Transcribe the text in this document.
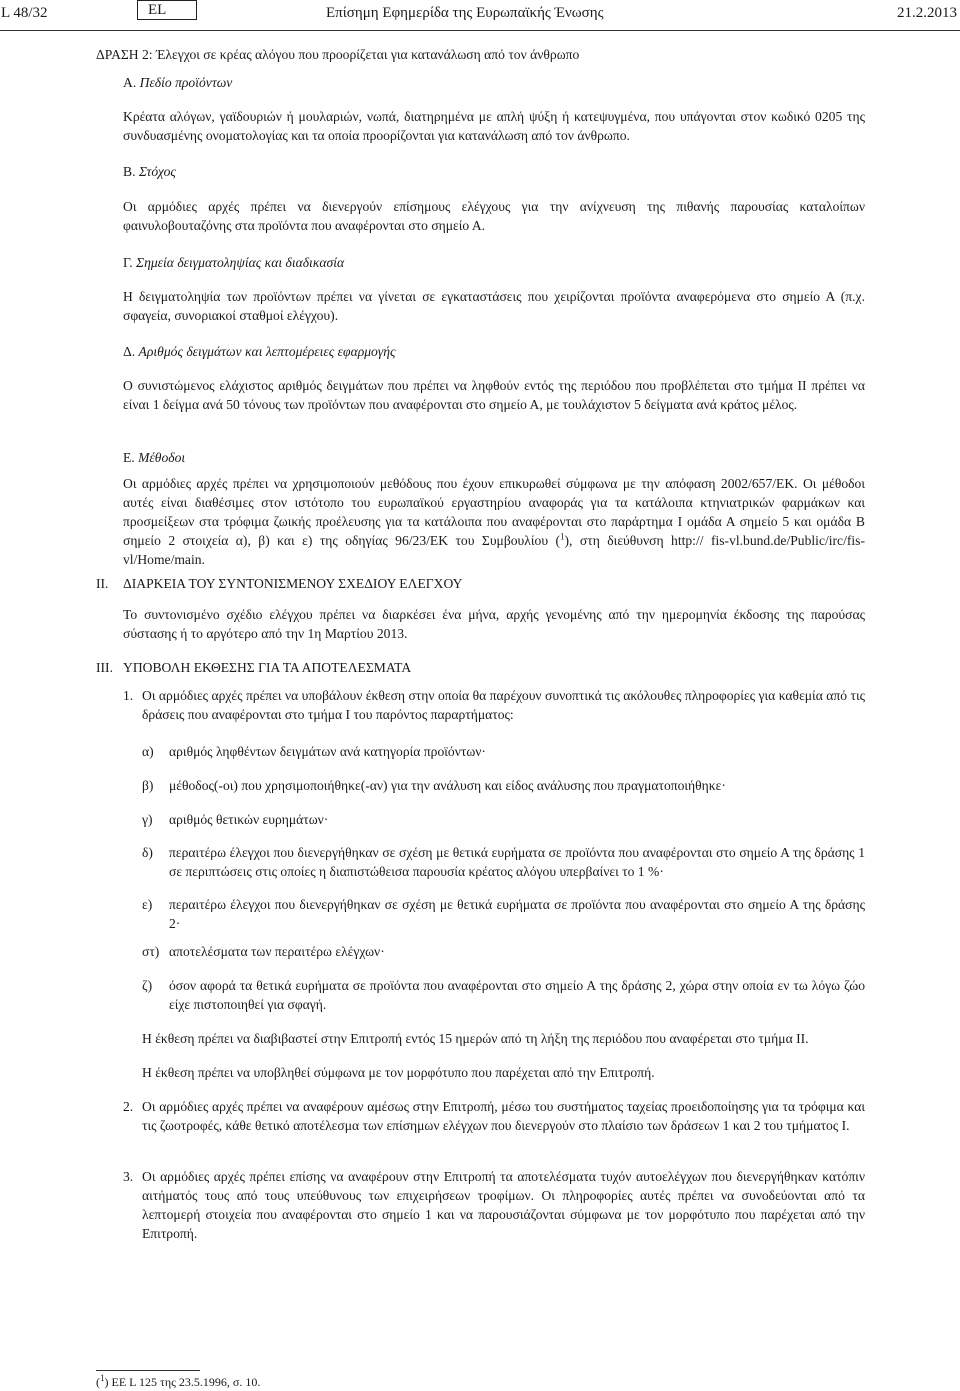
L 48/32	EL	Επίσημη Εφημερίδα της Ευρωπαϊκής Ένωσης	21.2.2013

ΔΡΑΣΗ 2: Έλεγχοι σε κρέας αλόγου που προορίζεται για κατανάλωση από τον άνθρωπο

Α. Πεδίο προϊόντων

Κρέατα αλόγων, γαϊδουριών ή μουλαριών, νωπά, διατηρημένα με απλή ψύξη ή κατεψυγμένα, που υπάγονται στον κωδικό 0205 της συνδυασμένης ονοματολογίας και τα οποία προορίζονται για κατανάλωση από τον άνθρωπο.

Β. Στόχος

Οι αρμόδιες αρχές πρέπει να διενεργούν επίσημους ελέγχους για την ανίχνευση της πιθανής παρουσίας καταλοίπων φαινυλοβουταζόνης στα προϊόντα που αναφέρονται στο σημείο Α.

Γ. Σημεία δειγματοληψίας και διαδικασία

Η δειγματοληψία των προϊόντων πρέπει να γίνεται σε εγκαταστάσεις που χειρίζονται προϊόντα αναφερόμενα στο σημείο Α (π.χ. σφαγεία, συνοριακοί σταθμοί ελέγχου).

Δ. Αριθμός δειγμάτων και λεπτομέρειες εφαρμογής

Ο συνιστώμενος ελάχιστος αριθμός δειγμάτων που πρέπει να ληφθούν εντός της περιόδου που προβλέπεται στο τμήμα ΙΙ πρέπει να είναι 1 δείγμα ανά 50 τόνους των προϊόντων που αναφέρονται στο σημείο Α, με τουλάχιστον 5 δείγματα ανά κράτος μέλος.

Ε. Μέθοδοι

Οι αρμόδιες αρχές πρέπει να χρησιμοποιούν μεθόδους που έχουν επικυρωθεί σύμφωνα με την απόφαση 2002/657/ΕΚ. Οι μέθοδοι αυτές είναι διαθέσιμες στον ιστότοπο του ευρωπαϊκού εργαστηρίου αναφοράς για τα κατάλοιπα κτηνιατρικών φαρμάκων και προσμείξεων στα τρόφιμα ζωικής προέλευσης για τα κατάλοιπα που αναφέρονται στο παράρτημα Ι ομάδα Α σημείο 5 και ομάδα Β σημείο 2 στοιχεία α), β) και ε) της οδηγίας 96/23/ΕΚ του Συμβουλίου ($^1$), στη διεύθυνση http:// fis-vl.bund.de/Public/irc/fis-vl/Home/main.

ΙΙ.	ΔΙΑΡΚΕΙΑ ΤΟΥ ΣΥΝΤΟΝΙΣΜΕΝΟΥ ΣΧΕΔΙΟΥ ΕΛΕΓΧΟΥ

Το συντονισμένο σχέδιο ελέγχου πρέπει να διαρκέσει ένα μήνα, αρχής γενομένης από την ημερομηνία έκδοσης της παρούσας σύστασης ή το αργότερο από την 1η Μαρτίου 2013.

ΙΙΙ. ΥΠΟΒΟΛΗ ΕΚΘΕΣΗΣ ΓΙΑ ΤΑ ΑΠΟΤΕΛΕΣΜΑΤΑ
1. Οι αρμόδιες αρχές πρέπει να υποβάλουν έκθεση στην οποία θα παρέχουν συνοπτικά τις ακόλουθες πληροφορίες για καθεμία από τις δράσεις που αναφέρονται στο τμήμα Ι του παρόντος παραρτήματος:
α)	αριθμός ληφθέντων δειγμάτων ανά κατηγορία προϊόντων·
β)	μέθοδος(-οι) που χρησιμοποιήθηκε(-αν) για την ανάλυση και είδος ανάλυσης που πραγματοποιήθηκε·
γ)	αριθμός θετικών ευρημάτων·
δ)	περαιτέρω έλεγχοι που διενεργήθηκαν σε σχέση με θετικά ευρήματα σε προϊόντα που αναφέρονται στο σημείο Α της δράσης 1 σε περιπτώσεις στις οποίες η διαπιστώθεισα παρουσία κρέατος αλόγου υπερβαίνει το 1 %·
ε)	περαιτέρω έλεγχοι που διενεργήθηκαν σε σχέση με θετικά ευρήματα σε προϊόντα που αναφέρονται στο σημείο Α της δράσης 2·
στ) αποτελέσματα των περαιτέρω ελέγχων·
ζ)	όσον αφορά τα θετικά ευρήματα σε προϊόντα που αναφέρονται στο σημείο Α της δράσης 2, χώρα στην οποία εν τω λόγω ζώο είχε πιστοποιηθεί για σφαγή.

Η έκθεση πρέπει να διαβιβαστεί στην Επιτροπή εντός 15 ημερών από τη λήξη της περιόδου που αναφέρεται στο τμήμα ΙΙ.

Η έκθεση πρέπει να υποβληθεί σύμφωνα με τον μορφότυπο που παρέχεται από την Επιτροπή.

2. Οι αρμόδιες αρχές πρέπει να αναφέρουν αμέσως στην Επιτροπή, μέσω του συστήματος ταχείας προειδοποίησης για τα τρόφιμα και τις ζωοτροφές, κάθε θετικό αποτέλεσμα των επίσημων ελέγχων που διενεργούν στο πλαίσιο των δράσεων 1 και 2 του τμήματος Ι.
3. Οι αρμόδιες αρχές πρέπει επίσης να αναφέρουν στην Επιτροπή τα αποτελέσματα τυχόν αυτοελέγχων που διενεργήθηκαν κατόπιν αιτήματός τους από τους υπεύθυνους των επιχειρήσεων τροφίμων. Οι πληροφορίες αυτές πρέπει να συνοδεύονται από τα λεπτομερή στοιχεία που αναφέρονται στο σημείο 1 και να παρουσιάζονται σύμφωνα με τον μορφότυπο που παρέχεται από την Επιτροπή.

($^1$) ΕΕ L 125 της 23.5.1996, σ. 10.
